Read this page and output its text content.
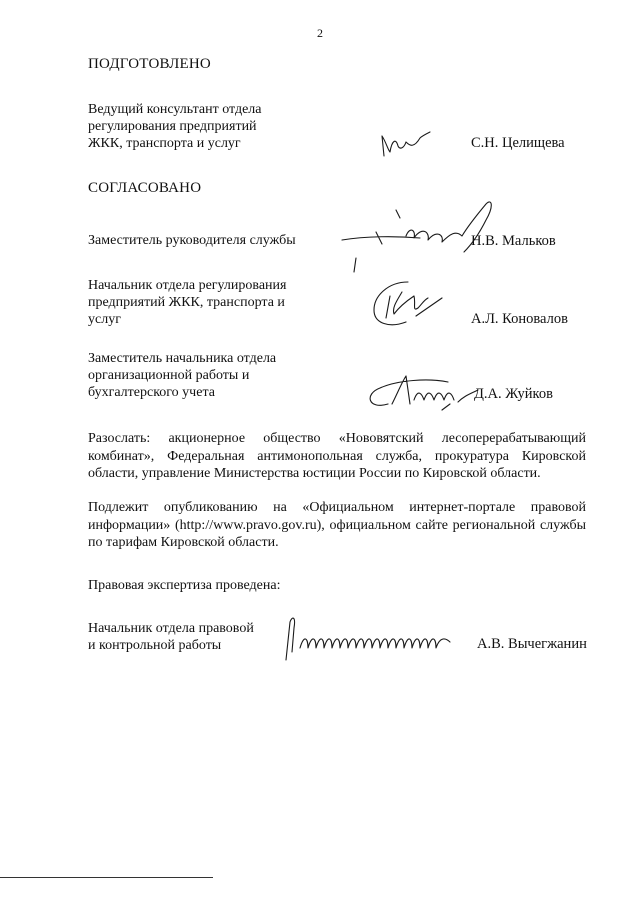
2
ПОДГОТОВЛЕНО
Ведущий консультант отдела
регулирования предприятий
ЖКК, транспорта и услуг	С.Н. Целищева
СОГЛАСОВАНО
Заместитель руководителя службы	Н.В. Мальков
Начальник отдела регулирования
предприятий ЖКК, транспорта и
услуг	А.Л. Коновалов
Заместитель начальника отдела
организационной работы и
бухгалтерского учета	Д.А. Жуйков
Разослать: акционерное общество «Нововятский лесоперерабатывающий комбинат», Федеральная антимонопольная служба, прокуратура Кировской области, управление Министерства юстиции России по Кировской области.
Подлежит опубликованию на «Официальном интернет-портале правовой информации» (http://www.pravo.gov.ru), официальном сайте региональной службы по тарифам Кировской области.
Правовая экспертиза проведена:
Начальник отдела правовой
и контрольной работы	А.В. Вычегжанин
